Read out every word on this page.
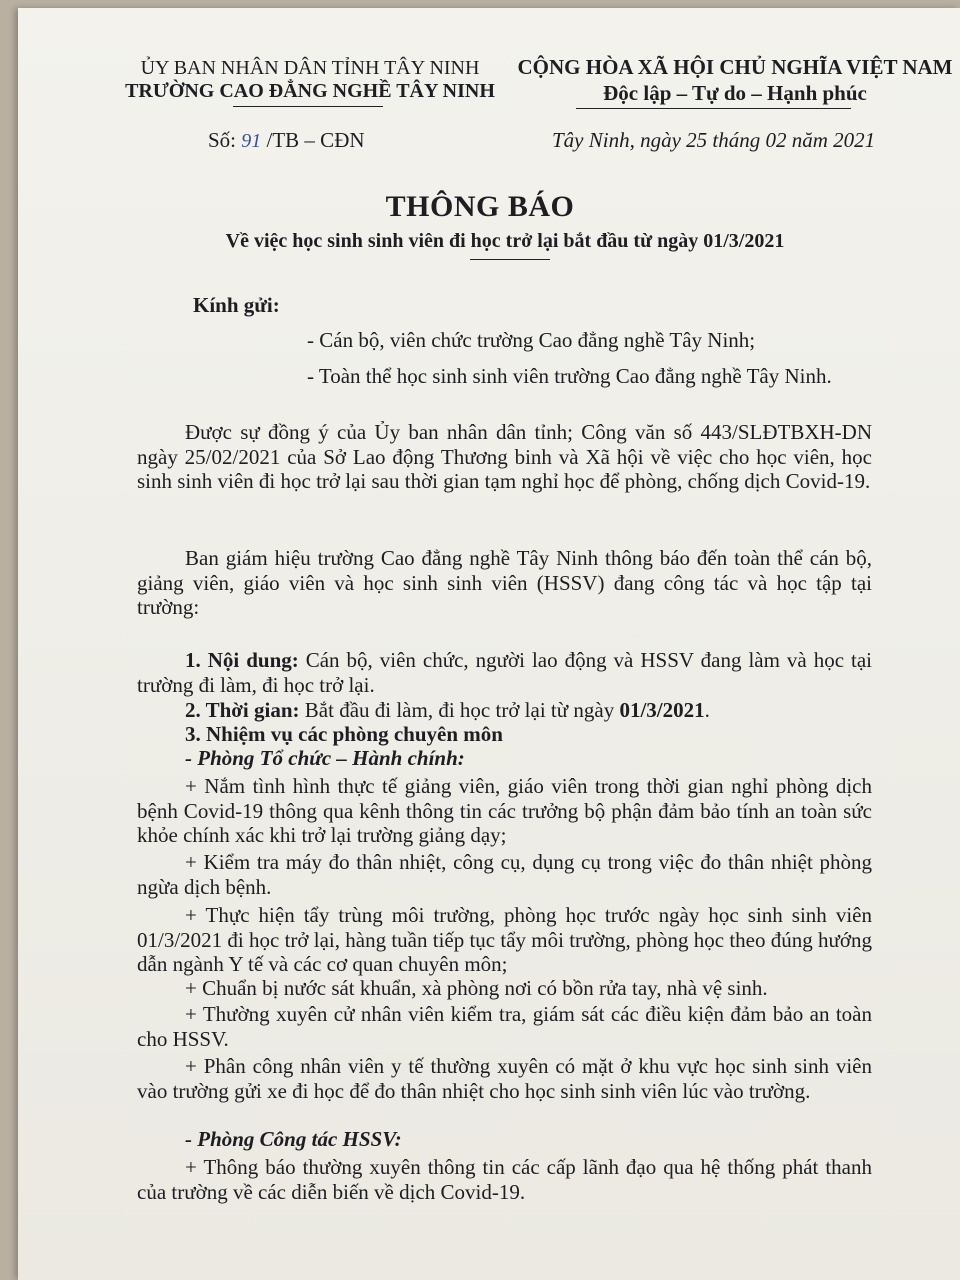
ỦY BAN NHÂN DÂN TỈNH TÂY NINH
TRƯỜNG CAO ĐẲNG NGHỀ TÂY NINH
CỘNG HÒA XÃ HỘI CHỦ NGHĨA VIỆT NAM
Độc lập – Tự do – Hạnh phúc
Số: 91 /TB – CĐN	Tây Ninh, ngày 25 tháng 02 năm 2021
THÔNG BÁO
Về việc học sinh sinh viên đi học trở lại bắt đầu từ ngày 01/3/2021
Kính gửi:
- Cán bộ, viên chức trường Cao đẳng nghề Tây Ninh;
- Toàn thể học sinh sinh viên trường Cao đẳng nghề Tây Ninh.

Được sự đồng ý của Ủy ban nhân dân tỉnh; Công văn số 443/SLĐTBXH-DN ngày 25/02/2021 của Sở Lao động Thương binh và Xã hội về việc cho học viên, học sinh sinh viên đi học trở lại sau thời gian tạm nghỉ học để phòng, chống dịch Covid-19.

Ban giám hiệu trường Cao đẳng nghề Tây Ninh thông báo đến toàn thể cán bộ, giảng viên, giáo viên và học sinh sinh viên (HSSV) đang công tác và học tập tại trường:

1. Nội dung: Cán bộ, viên chức, người lao động và HSSV đang làm và học tại trường đi làm, đi học trở lại.

2. Thời gian: Bắt đầu đi làm, đi học trở lại từ ngày 01/3/2021.

3. Nhiệm vụ các phòng chuyên môn

- Phòng Tổ chức – Hành chính:

+ Nắm tình hình thực tế giảng viên, giáo viên trong thời gian nghỉ phòng dịch bệnh Covid-19 thông qua kênh thông tin các trưởng bộ phận đảm bảo tính an toàn sức khỏe chính xác khi trở lại trường giảng dạy;

+ Kiểm tra máy đo thân nhiệt, công cụ, dụng cụ trong việc đo thân nhiệt phòng ngừa dịch bệnh.

+ Thực hiện tẩy trùng môi trường, phòng học trước ngày học sinh sinh viên 01/3/2021 đi học trở lại, hàng tuần tiếp tục tẩy môi trường, phòng học theo đúng hướng dẫn ngành Y tế và các cơ quan chuyên môn;

+ Chuẩn bị nước sát khuẩn, xà phòng nơi có bồn rửa tay, nhà vệ sinh.

+ Thường xuyên cử nhân viên kiểm tra, giám sát các điều kiện đảm bảo an toàn cho HSSV.

+ Phân công nhân viên y tế thường xuyên có mặt ở khu vực học sinh sinh viên vào trường gửi xe đi học để đo thân nhiệt cho học sinh sinh viên lúc vào trường.

- Phòng Công tác HSSV:

+ Thông báo thường xuyên thông tin các cấp lãnh đạo qua hệ thống phát thanh của trường về các diễn biến về dịch Covid-19.
